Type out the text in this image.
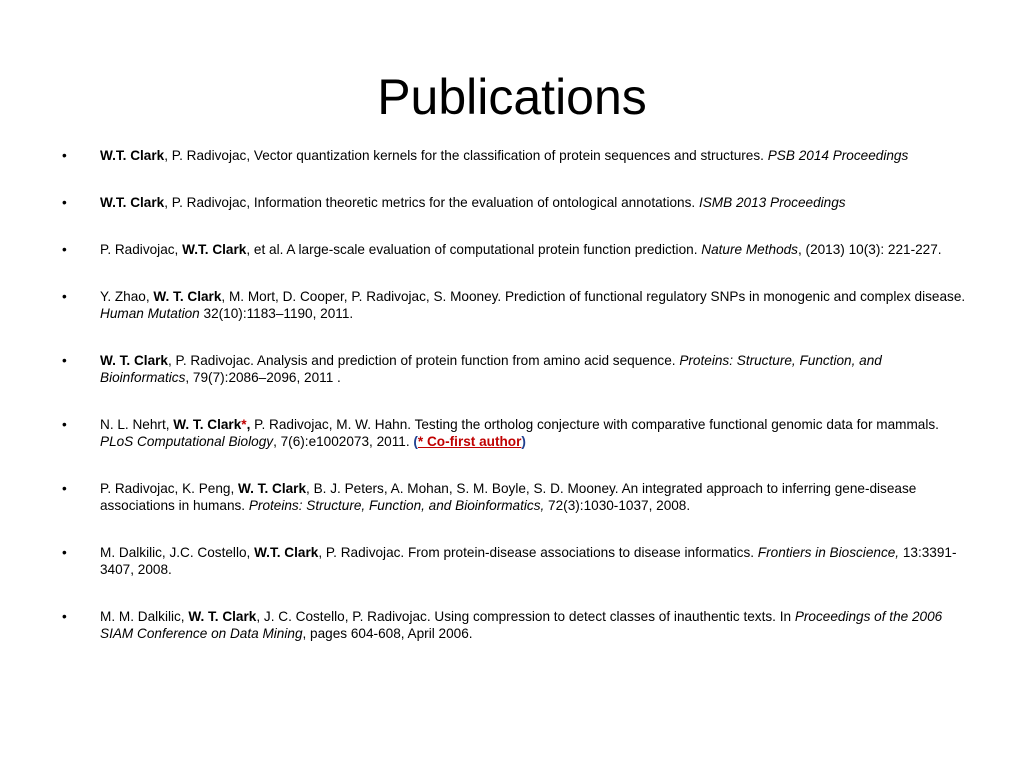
Publications
• W.T. Clark, P. Radivojac, Vector quantization kernels for the classification of protein sequences and structures. PSB 2014 Proceedings
• W.T. Clark, P. Radivojac, Information theoretic metrics for the evaluation of ontological annotations. ISMB 2013 Proceedings
• P. Radivojac, W.T. Clark, et al. A large-scale evaluation of computational protein function prediction. Nature Methods, (2013) 10(3): 221-227.
• Y. Zhao, W. T. Clark, M. Mort, D. Cooper, P. Radivojac, S. Mooney. Prediction of functional regulatory SNPs in monogenic and complex disease. Human Mutation 32(10):1183–1190, 2011.
• W. T. Clark, P. Radivojac. Analysis and prediction of protein function from amino acid sequence. Proteins: Structure, Function, and Bioinformatics, 79(7):2086–2096, 2011 .
• N. L. Nehrt, W. T. Clark*, P. Radivojac, M. W. Hahn. Testing the ortholog conjecture with comparative functional genomic data for mammals. PLoS Computational Biology, 7(6):e1002073, 2011. (* Co-first author)
• P. Radivojac, K. Peng, W. T. Clark, B. J. Peters, A. Mohan, S. M. Boyle, S. D. Mooney. An integrated approach to inferring gene-disease associations in humans. Proteins: Structure, Function, and Bioinformatics, 72(3):1030-1037, 2008.
• M. Dalkilic, J.C. Costello, W.T. Clark, P. Radivojac. From protein-disease associations to disease informatics. Frontiers in Bioscience, 13:3391-3407, 2008.
• M. M. Dalkilic, W. T. Clark, J. C. Costello, P. Radivojac. Using compression to detect classes of inauthentic texts. In Proceedings of the 2006 SIAM Conference on Data Mining, pages 604-608, April 2006.
